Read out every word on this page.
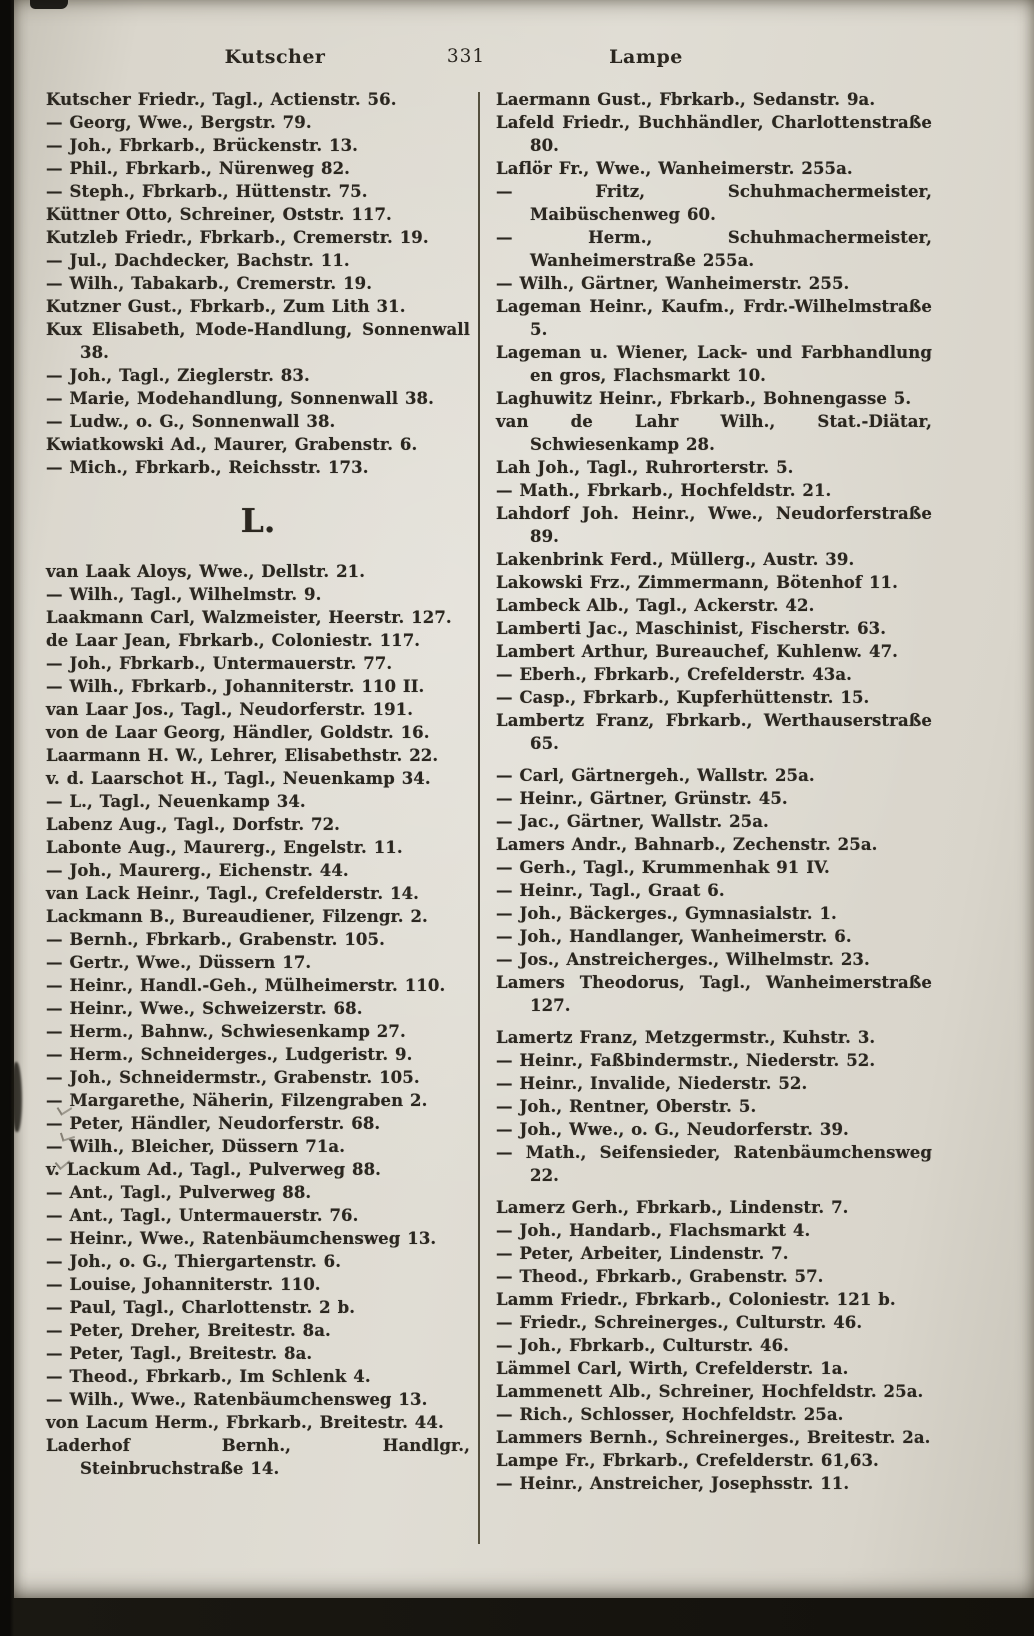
Kutscher	331	Lampe

Kutscher Friedr., Tagl., Actienstr. 56.

— Georg, Wwe., Bergstr. 79.

— Joh., Fbrkarb., Brückenstr. 13.

— Phil., Fbrkarb., Nürenweg 82.

— Steph., Fbrkarb., Hüttenstr. 75.

Küttner Otto, Schreiner, Oststr. 117.

Kutzleb Friedr., Fbrkarb., Cremerstr. 19.

— Jul., Dachdecker, Bachstr. 11.

— Wilh., Tabakarb., Cremerstr. 19.

Kutzner Gust., Fbrkarb., Zum Lith 31.

Kux Elisabeth, Mode-Handlung, Sonnenwall 38.

— Joh., Tagl., Zieglerstr. 83.

— Marie, Modehandlung, Sonnenwall 38.

— Ludw., o. G., Sonnenwall 38.

Kwiatkowski Ad., Maurer, Grabenstr. 6.

— Mich., Fbrkarb., Reichsstr. 173.

L.

van Laak Aloys, Wwe., Dellstr. 21.

— Wilh., Tagl., Wilhelmstr. 9.

Laakmann Carl, Walzmeister, Heerstr. 127.

de Laar Jean, Fbrkarb., Coloniestr. 117.

— Joh., Fbrkarb., Untermauerstr. 77.

— Wilh., Fbrkarb., Johanniterstr. 110 II.

van Laar Jos., Tagl., Neudorferstr. 191.

von de Laar Georg, Händler, Goldstr. 16.

Laarmann H. W., Lehrer, Elisabethstr. 22.

v. d. Laarschot H., Tagl., Neuenkamp 34.

— L., Tagl., Neuenkamp 34.

Labenz Aug., Tagl., Dorfstr. 72.

Labonte Aug., Maurerg., Engelstr. 11.

— Joh., Maurerg., Eichenstr. 44.

van Lack Heinr., Tagl., Crefelderstr. 14.

Lackmann B., Bureaudiener, Filzengr. 2.

— Bernh., Fbrkarb., Grabenstr. 105.

— Gertr., Wwe., Düssern 17.

— Heinr., Handl.-Geh., Mülheimerstr. 110.

— Heinr., Wwe., Schweizerstr. 68.

— Herm., Bahnw., Schwiesenkamp 27.

— Herm., Schneiderges., Ludgeristr. 9.

— Joh., Schneidermstr., Grabenstr. 105.

— Margarethe, Näherin, Filzengraben 2.

— Peter, Händler, Neudorferstr. 68.

— Wilh., Bleicher, Düssern 71a.

v. Lackum Ad., Tagl., Pulverweg 88.

— Ant., Tagl., Pulverweg 88.

— Ant., Tagl., Untermauerstr. 76.

— Heinr., Wwe., Ratenbäumchensweg 13.

— Joh., o. G., Thiergartenstr. 6.

— Louise, Johanniterstr. 110.

— Paul, Tagl., Charlottenstr. 2 b.

— Peter, Dreher, Breitestr. 8a.

— Peter, Tagl., Breitestr. 8a.

— Theod., Fbrkarb., Im Schlenk 4.

— Wilh., Wwe., Ratenbäumchensweg 13.

von Lacum Herm., Fbrkarb., Breitestr. 44.

Laderhof Bernh., Handlgr., Steinbruchstraße 14.

Laermann Gust., Fbrkarb., Sedanstr. 9a.

Lafeld Friedr., Buchhändler, Charlottenstraße 80.

Laflör Fr., Wwe., Wanheimerstr. 255a.

— Fritz, Schuhmachermeister, Maibüschenweg 60.

— Herm., Schuhmachermeister, Wanheimerstraße 255a.

— Wilh., Gärtner, Wanheimerstr. 255.

Lageman Heinr., Kaufm., Frdr.-Wilhelmstraße 5.

Lageman u. Wiener, Lack- und Farbhandlung en gros, Flachsmarkt 10.

Laghuwitz Heinr., Fbrkarb., Bohnengasse 5.

van de Lahr Wilh., Stat.-Diätar, Schwiesenkamp 28.

Lah Joh., Tagl., Ruhrorterstr. 5.

— Math., Fbrkarb., Hochfeldstr. 21.

Lahdorf Joh. Heinr., Wwe., Neudorferstraße 89.

Lakenbrink Ferd., Müllerg., Austr. 39.

Lakowski Frz., Zimmermann, Bötenhof 11.

Lambeck Alb., Tagl., Ackerstr. 42.

Lamberti Jac., Maschinist, Fischerstr. 63.

Lambert Arthur, Bureauchef, Kuhlenw. 47.

— Eberh., Fbrkarb., Crefelderstr. 43a.

— Casp., Fbrkarb., Kupferhüttenstr. 15.

Lambertz Franz, Fbrkarb., Werthauserstraße 65.

— Carl, Gärtnergeh., Wallstr. 25a.

— Heinr., Gärtner, Grünstr. 45.

— Jac., Gärtner, Wallstr. 25a.

Lamers Andr., Bahnarb., Zechenstr. 25a.

— Gerh., Tagl., Krummenhak 91 IV.

— Heinr., Tagl., Graat 6.

— Joh., Bäckerges., Gymnasialstr. 1.

— Joh., Handlanger, Wanheimerstr. 6.

— Jos., Anstreicherges., Wilhelmstr. 23.

Lamers Theodorus, Tagl., Wanheimerstraße 127.

Lamertz Franz, Metzgermstr., Kuhstr. 3.

— Heinr., Faßbindermstr., Niederstr. 52.

— Heinr., Invalide, Niederstr. 52.

— Joh., Rentner, Oberstr. 5.

— Joh., Wwe., o. G., Neudorferstr. 39.

— Math., Seifensieder, Ratenbäumchensweg 22.

Lamerz Gerh., Fbrkarb., Lindenstr. 7.

— Joh., Handarb., Flachsmarkt 4.

— Peter, Arbeiter, Lindenstr. 7.

— Theod., Fbrkarb., Grabenstr. 57.

Lamm Friedr., Fbrkarb., Coloniestr. 121 b.

— Friedr., Schreinerges., Culturstr. 46.

— Joh., Fbrkarb., Culturstr. 46.

Lämmel Carl, Wirth, Crefelderstr. 1a.

Lammenett Alb., Schreiner, Hochfeldstr. 25a.

— Rich., Schlosser, Hochfeldstr. 25a.

Lammers Bernh., Schreinerges., Breitestr. 2a.

Lampe Fr., Fbrkarb., Crefelderstr. 61,63.

— Heinr., Anstreicher, Josephsstr. 11.
